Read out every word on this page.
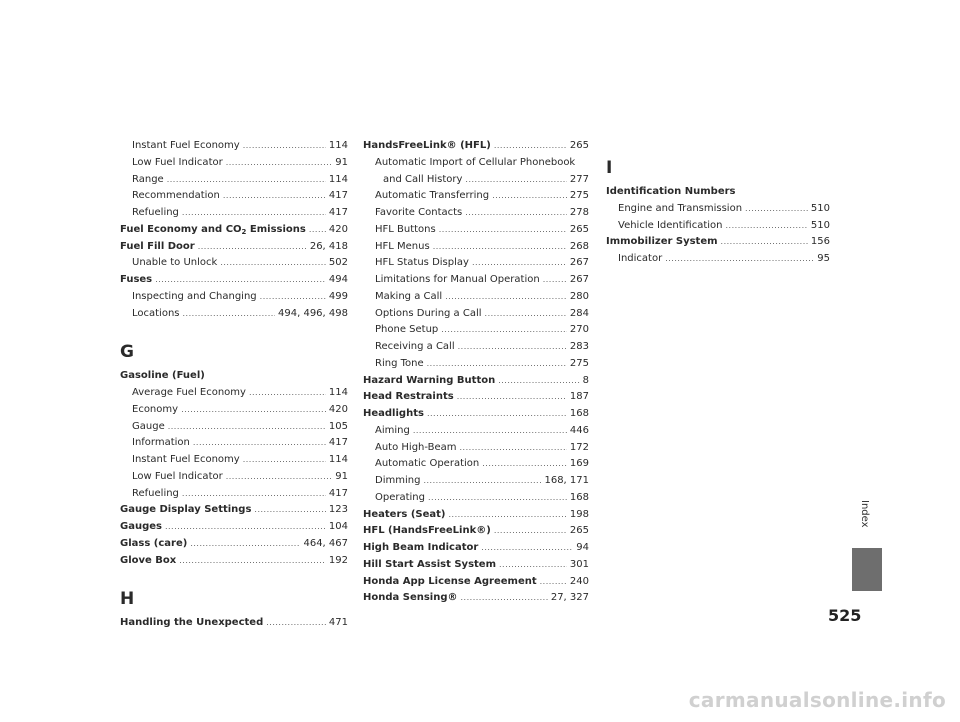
Instant Fuel Economy .....	114
Low Fuel Indicator .....	91
Range .....	114
Recommendation .....	417
Refueling .....	417
Fuel Economy and $CO_2$ Emissions ..... 420
Fuel Fill Door .....	26, 418
Unable to Unlock .....	502
Fuses .....	494
Inspecting and Changing .....	499
Locations .....	494, 496, 498
G
Gasoline (Fuel)
Average Fuel Economy .....	114
Economy .....	420
Gauge .....	105
Information .....	417
Instant Fuel Economy .....	114
Low Fuel Indicator .....	91
Refueling .....	417
Gauge Display Settings .....	123
Gauges .....	104
Glass (care) .....	464, 467
Glove Box .....	192
H
Handling the Unexpected .....	471
HandsFreeLink® (HFL) .....	265
Automatic Import of Cellular Phonebook
and Call History .....	277
Automatic Transferring .....	275
Favorite Contacts .....	278
HFL Buttons .....	265
HFL Menus .....	268
HFL Status Display .....	267
Limitations for Manual Operation .....	267
Making a Call .....	280
Options During a Call .....	284
Phone Setup .....	270
Receiving a Call .....	283
Ring Tone .....	275
Hazard Warning Button .....	8
Head Restraints .....	187
Headlights .....	168
Aiming .....	446
Auto High-Beam .....	172
Automatic Operation .....	169
Dimming .....	168, 171
Operating .....	168
Heaters (Seat) .....	198
HFL (HandsFreeLink®) .....	265
High Beam Indicator .....	94
Hill Start Assist System .....	301
Honda App License Agreement .....	240
Honda Sensing® .....	27, 327
I
Identification Numbers
Engine and Transmission .....	510
Vehicle Identification .....	510
Immobilizer System .....	156
Indicator .....	95
Index
525
carmanualsonline.info
